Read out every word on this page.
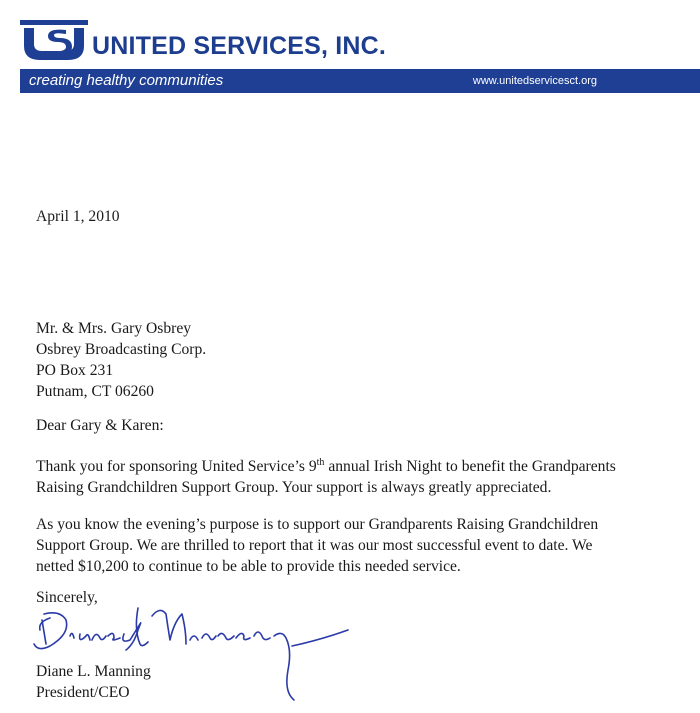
UNITED SERVICES, INC.
creating healthy communities	www.unitedservicesct.org
April 1, 2010
Mr. & Mrs. Gary Osbrey
Osbrey Broadcasting Corp.
PO Box 231
Putnam, CT 06260
Dear Gary & Karen:
Thank you for sponsoring United Service’s 9th annual Irish Night to benefit the Grandparents
Raising Grandchildren Support Group. Your support is always greatly appreciated.
As you know the evening’s purpose is to support our Grandparents Raising Grandchildren
Support Group. We are thrilled to report that it was our most successful event to date. We
netted $10,200 to continue to be able to provide this needed service.
Sincerely,
Diane L. Manning
President/CEO
